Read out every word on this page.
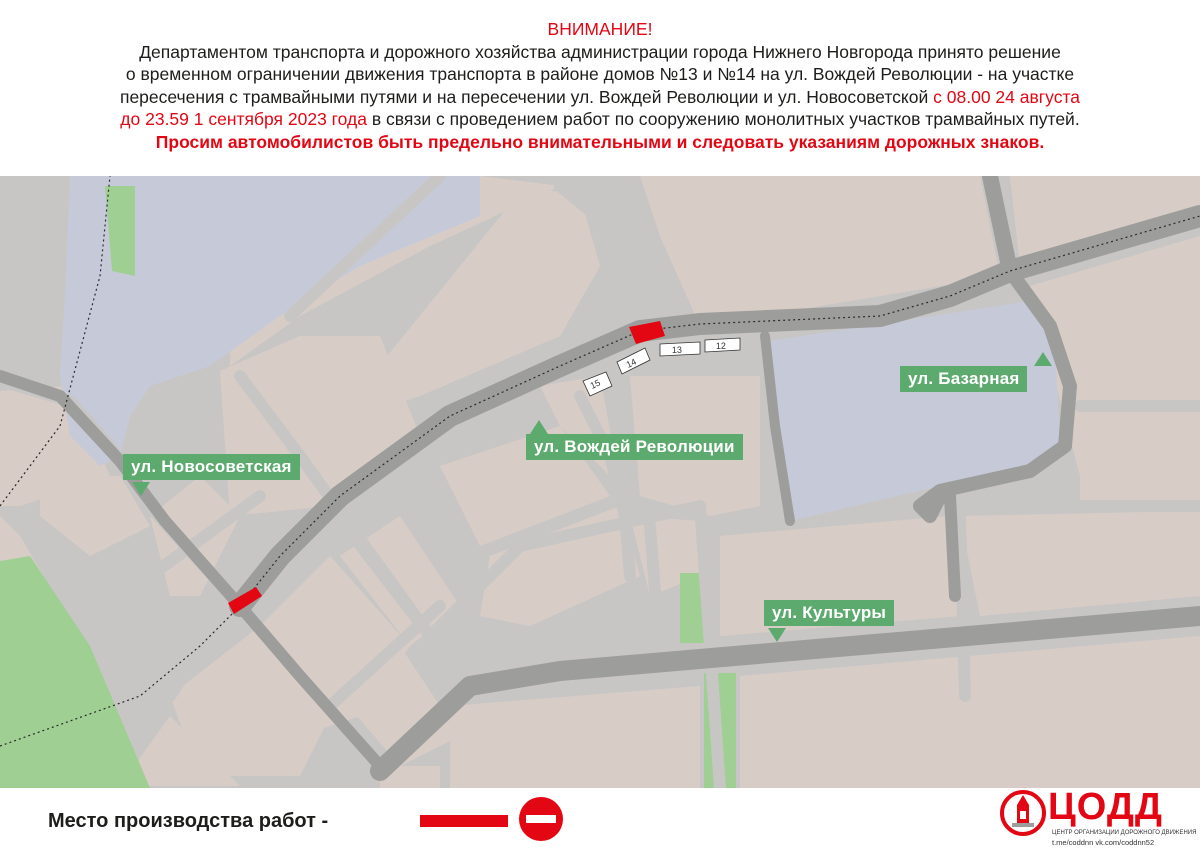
ВНИМАНИЕ!
Департаментом транспорта и дорожного хозяйства администрации города Нижнего Новгорода принято решение
о временном ограничении движения транспорта в районе домов №13 и №14 на ул. Вождей Революции - на участке
пересечения с трамвайными путями и на пересечении ул. Вождей Революции и ул. Новосоветской с 08.00 24 августа
до 23.59 1 сентября 2023 года в связи с проведением работ по сооружению монолитных участков трамвайных путей.
Просим автомобилистов быть предельно внимательными и следовать указаниям дорожных знаков.
13	12
14
15
ул. Новосоветская
ул. Вождей Революции
ул. Базарная
ул. Культуры
Место производства работ -	ЦОДД
ЦЕНТР ОРГАНИЗАЦИИ ДОРОЖНОГО ДВИЖЕНИЯ
t.me/coddnn vk.com/coddnn52
